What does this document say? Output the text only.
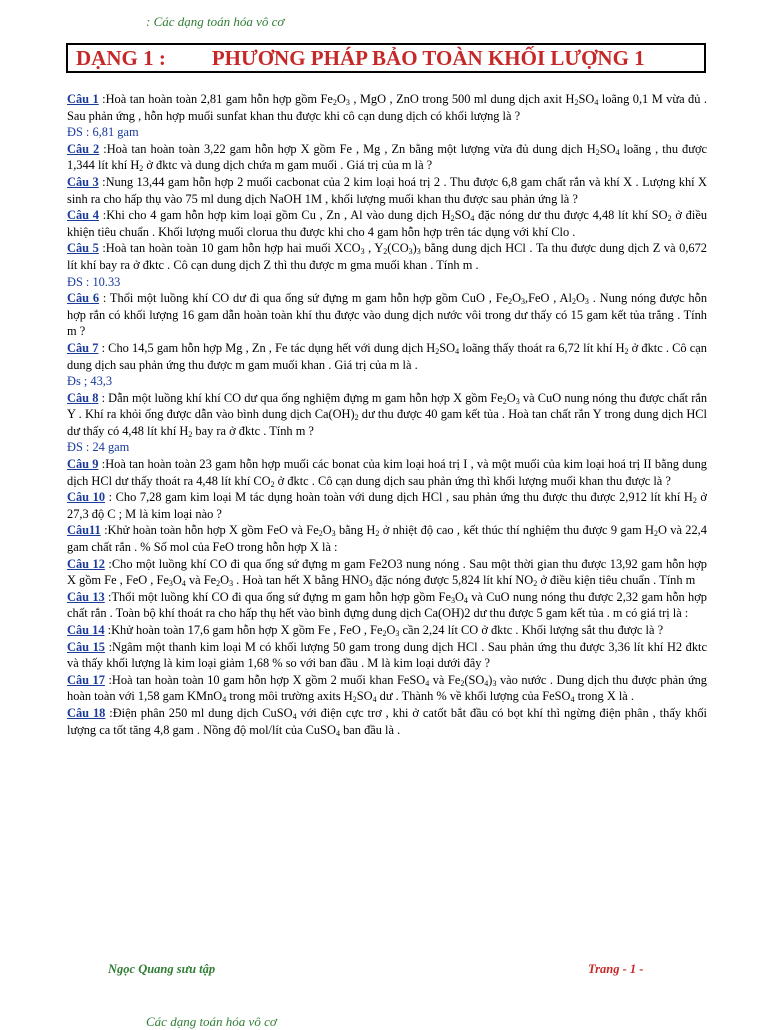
: Các dạng toán hóa vô cơ
DẠNG 1 : PHƯƠNG PHÁP BẢO TOÀN KHỐI LƯỢNG 1

Câu 1 :Hoà tan hoàn toàn 2,81 gam hỗn hợp gồm $Fe_2O_3$ , MgO , ZnO trong 500 ml dung dịch axit $H_2SO_4$ loãng 0,1 M vừa đủ . Sau phản ứng , hỗn hợp muối sunfat khan thu được khi cô cạn dung dịch có khối lượng là ?

ĐS : 6,81 gam

Câu 2 :Hoà tan hoàn toàn 3,22 gam hỗn hợp X gồm Fe , Mg , Zn bằng một lượng vừa đủ dung dịch $H_2SO_4$ loãng , thu được 1,344 lít khí $H_2$ ở đktc và dung dịch chứa m gam muối . Giá trị của m là ?

Câu 3 :Nung 13,44 gam hỗn hợp 2 muối cacbonat của 2 kim loại hoá trị 2 . Thu được 6,8 gam chất rắn và khí X . Lượng khí X sinh ra cho hấp thụ vào 75 ml dung dịch NaOH 1M , khối lượng muối khan thu được sau phản ứng là ?

Câu 4 :Khi cho 4 gam hỗn hợp kim loại gồm Cu , Zn , Al vào dung dịch $H_2SO_4$ đặc nóng dư thu được 4,48 lít khí $SO_2$ ở điều khiện tiêu chuẩn . Khối lượng muối clorua thu được khi cho 4 gam hỗn hợp trên tác dụng với khí Clo .

Câu 5 :Hoà tan hoàn toàn 10 gam hỗn hợp hai muối $XCO_3$ , $Y_2(CO_3)_3$ bằng dung dịch HCl . Ta thu được dung dịch Z và 0,672 lít khí bay ra ở đktc . Cô cạn dung dịch Z thì thu được m gma muối khan . Tính m .

ĐS : 10.33

Câu 6 : Thổi một luồng khí CO dư đi qua ống sứ đựng m gam hỗn hợp gồm CuO , $Fe_2O_3,FeO$ , $Al_2O_3$ . Nung nóng được hỗn hợp rắn có khối lượng 16 gam dẫn hoàn toàn khí thu được vào dung dịch nước vôi trong dư thấy có 15 gam kết tủa trắng . Tính m ?

Câu 7 : Cho 14,5 gam hỗn hợp Mg , Zn , Fe tác dụng hết với dung dịch $H_2SO_4$ loãng thấy thoát ra 6,72 lít khí $H_2$ ở đktc . Cô cạn dung dịch sau phản ứng thu được m gam muối khan . Giá trị của m là .

Đs ; 43,3

Câu 8 : Dẫn một luồng khí khí CO dư qua ống nghiệm đựng m gam hỗn hợp X gồm $Fe_2O_3$ và CuO nung nóng thu được chất rắn Y . Khí ra khỏi ống được dẫn vào bình dung dịch $Ca(OH)_2$ dư thu được 40 gam kết tủa . Hoà tan chất rắn Y trong dung dịch HCl dư thấy có 4,48 lít khí $H_2$ bay ra ở đktc . Tính m ?

ĐS : 24 gam

Câu 9 :Hoà tan hoàn toàn 23 gam hỗn hợp muối các bonat của kim loại hoá trị I , và một muối của kim loại hoá trị II bằng dung dịch HCl dư thấy thoát ra 4,48 lít khí $CO_2$ ở đktc . Cô cạn dung dịch sau phản ứng thì khối lượng muối khan thu được là ?

Câu 10 : Cho 7,28 gam kim loại M tác dụng hoàn toàn với dung dịch HCl , sau phản ứng thu được thu được 2,912 lít khí $H_2$ ở 27,3 độ C ; M là kim loại nào ?

Câu11 :Khử hoàn toàn hỗn hợp X gồm FeO và $Fe_2O_3$ bằng $H_2$ ở nhiệt độ cao , kết thúc thí nghiệm thu được 9 gam $H_2O$ và 22,4 gam chất rắn . % Số mol của FeO trong hỗn hợp X là :

Câu 12 :Cho một luồng khí CO đi qua ống sứ đựng m gam Fe2O3 nung nóng . Sau một thời gian thu được 13,92 gam hỗn hợp X gồm Fe , FeO , $Fe_3O_4$ và $Fe_2O_3$ . Hoà tan hết X bằng $HNO_3$ đặc nóng được 5,824 lít khí $NO_2$ ở điều kiện tiêu chuẩn . Tính m

Câu 13 :Thổi một luồng khí CO đi qua ống sứ đựng m gam hỗn hợp gồm $Fe_3O_4$ và CuO nung nóng thu được 2,32 gam hỗn hợp chất rắn . Toàn bộ khí thoát ra cho hấp thụ hết vào bình đựng dung dịch Ca(OH)2 dư thu được 5 gam kết tủa . m có giá trị là :

Câu 14 :Khử hoàn toàn 17,6 gam hỗn hợp X gồm Fe , FeO , $Fe_2O_3$ cần 2,24 lít CO ở đktc . Khối lượng sắt thu được là ?

Câu 15 :Ngâm một thanh kim loại M có khối lượng 50 gam trong dung dịch HCl . Sau phản ứng thu được 3,36 lít khí H2 đktc và thấy khối lượng là kim loại giảm 1,68 % so với ban đầu . M là kim loại dưới đây ?

Câu 17 :Hoà tan hoàn toàn 10 gam hỗn hợp X gồm 2 muối khan FeSO$_4$ và $Fe_2(SO_4)_3$ vào nước . Dung dịch thu được phản ứng hoàn toàn với 1,58 gam KMnO$_4$ trong môi trường axits $H_2SO_4$ dư . Thành % về khối lượng của FeSO$_4$ trong X là .

Câu 18 :Điện phân 250 ml dung dịch CuSO$_4$ với điện cực trơ , khi ở catốt bắt đầu có bọt khí thì ngừng điện phân , thấy khối lượng ca tốt tăng 4,8 gam . Nồng độ mol/lít của CuSO$_4$ ban đầu là .

Ngọc Quang sưu tập	Trang - 1 -
Các dạng toán hóa vô cơ
